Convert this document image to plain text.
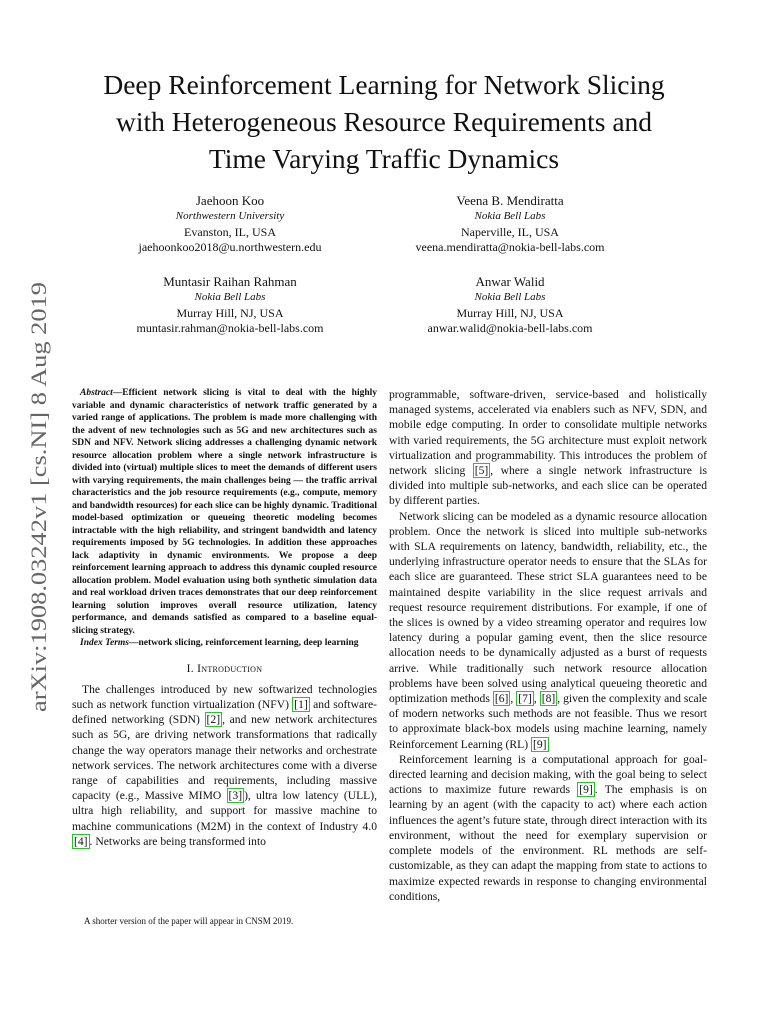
arXiv:1908.03242v1 [cs.NI] 8 Aug 2019
Deep Reinforcement Learning for Network Slicing
with Heterogeneous Resource Requirements and
Time Varying Traffic Dynamics
Jaehoon Koo
Northwestern University
Evanston, IL, USA
jaehoonkoo2018@u.northwestern.edu
Veena B. Mendiratta
Nokia Bell Labs
Naperville, IL, USA
veena.mendiratta@nokia-bell-labs.com
Muntasir Raihan Rahman
Nokia Bell Labs
Murray Hill, NJ, USA
muntasir.rahman@nokia-bell-labs.com
Anwar Walid
Nokia Bell Labs
Murray Hill, NJ, USA
anwar.walid@nokia-bell-labs.com

Abstract—Efficient network slicing is vital to deal with the highly variable and dynamic characteristics of network traffic generated by a varied range of applications. The problem is made more challenging with the advent of new technologies such as 5G and new architectures such as SDN and NFV. Network slicing addresses a challenging dynamic network resource allocation problem where a single network infrastructure is divided into (virtual) multiple slices to meet the demands of different users with varying requirements, the main challenges being — the traffic arrival characteristics and the job resource requirements (e.g., compute, memory and bandwidth resources) for each slice can be highly dynamic. Traditional model-based optimization or queueing theoretic modeling becomes intractable with the high reliability, and stringent bandwidth and latency requirements imposed by 5G technologies. In addition these approaches lack adaptivity in dynamic environments. We propose a deep reinforcement learning approach to address this dynamic coupled resource allocation problem. Model evaluation using both synthetic simulation data and real workload driven traces demonstrates that our deep reinforcement learning solution improves overall resource utilization, latency performance, and demands satisfied as compared to a baseline equal-slicing strategy.

Index Terms—network slicing, reinforcement learning, deep learning

I. Introduction

The challenges introduced by new softwarized technologies such as network function virtualization (NFV) [1] and software-defined networking (SDN) [2] , and new network architectures such as 5G, are driving network transformations that radically change the way operators manage their networks and orchestrate network services. The network architectures come with a diverse range of capabilities and requirements, including massive capacity (e.g., Massive MIMO [3] ), ultra low latency (ULL), ultra high reliability, and support for massive machine to machine communications (M2M) in the context of Industry 4.0 [4] . Networks are being transformed into

A shorter version of the paper will appear in CNSM 2019.

programmable, software-driven, service-based and holistically managed systems, accelerated via enablers such as NFV, SDN, and mobile edge computing. In order to consolidate multiple networks with varied requirements, the 5G architecture must exploit network virtualization and programmability. This introduces the problem of network slicing [5] , where a single network infrastructure is divided into multiple sub-networks, and each slice can be operated by different parties.

Network slicing can be modeled as a dynamic resource allocation problem. Once the network is sliced into multiple sub-networks with SLA requirements on latency, bandwidth, reliability, etc., the underlying infrastructure operator needs to ensure that the SLAs for each slice are guaranteed. These strict SLA guarantees need to be maintained despite variability in the slice request arrivals and request resource requirement distributions. For example, if one of the slices is owned by a video streaming operator and requires low latency during a popular gaming event, then the slice resource allocation needs to be dynamically adjusted as a burst of requests arrive. While traditionally such network resource allocation problems have been solved using analytical queueing theoretic and optimization methods [6] , [7] , [8] , given the complexity and scale of modern networks such methods are not feasible. Thus we resort to approximate black-box models using machine learning, namely Reinforcement Learning (RL) [9]

Reinforcement learning is a computational approach for goal-directed learning and decision making, with the goal being to select actions to maximize future rewards [9] . The emphasis is on learning by an agent (with the capacity to act) where each action influences the agent’s future state, through direct interaction with its environment, without the need for exemplary supervision or complete models of the environment. RL methods are self-customizable, as they can adapt the mapping from state to actions to maximize expected rewards in response to changing environmental conditions,
